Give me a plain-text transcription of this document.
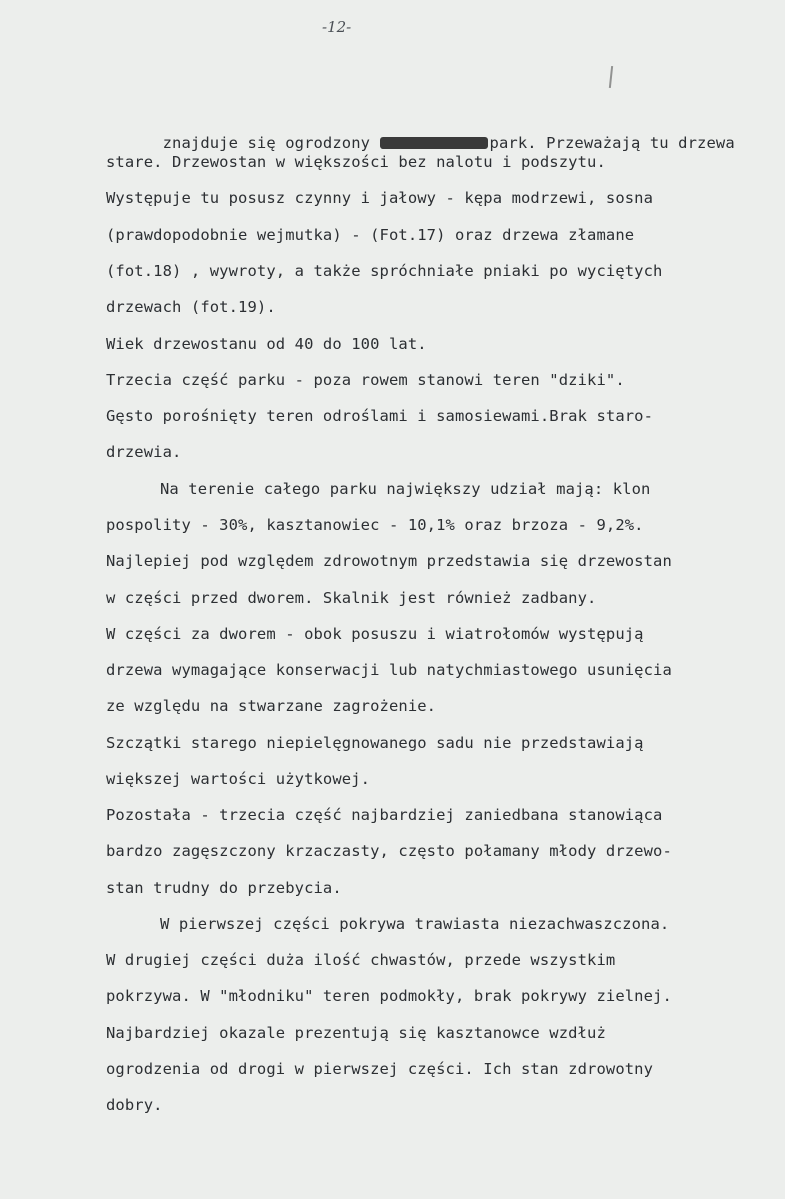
-12-

znajduje się ogrodzony	park. Przeważają tu drzewa

stare. Drzewostan w większości bez nalotu i podszytu.
Występuje tu posusz czynny i jałowy - kępa modrzewi, sosna
(prawdopodobnie wejmutka) - (Fot.17) oraz drzewa złamane
(fot.18) , wywroty, a także spróchniałe pniaki po wyciętych
drzewach (fot.19).
Wiek drzewostanu od 40 do 100 lat.
Trzecia część parku - poza rowem stanowi teren "dziki".
Gęsto porośnięty teren odroślami i samosiewami.Brak staro-
drzewia.
Na terenie całego parku największy udział mają: klon
pospolity - 30%, kasztanowiec - 10,1% oraz brzoza - 9,2%.
Najlepiej pod względem zdrowotnym przedstawia się drzewostan
w części przed dworem. Skalnik jest również zadbany.
W części za dworem - obok posuszu i wiatrołomów występują
drzewa wymagające konserwacji lub natychmiastowego usunięcia
ze względu na stwarzane zagrożenie.
Szczątki starego niepielęgnowanego sadu nie przedstawiają
większej wartości użytkowej.
Pozostała - trzecia część najbardziej zaniedbana stanowiąca
bardzo zagęszczony krzaczasty, często połamany młody drzewo-
stan trudny do przebycia.
W pierwszej części pokrywa trawiasta niezachwaszczona.
W drugiej części duża ilość chwastów, przede wszystkim
pokrzywa. W "młodniku" teren podmokły, brak pokrywy zielnej.
Najbardziej okazale prezentują się kasztanowce wzdłuż
ogrodzenia od drogi w pierwszej części. Ich stan zdrowotny
dobry.
